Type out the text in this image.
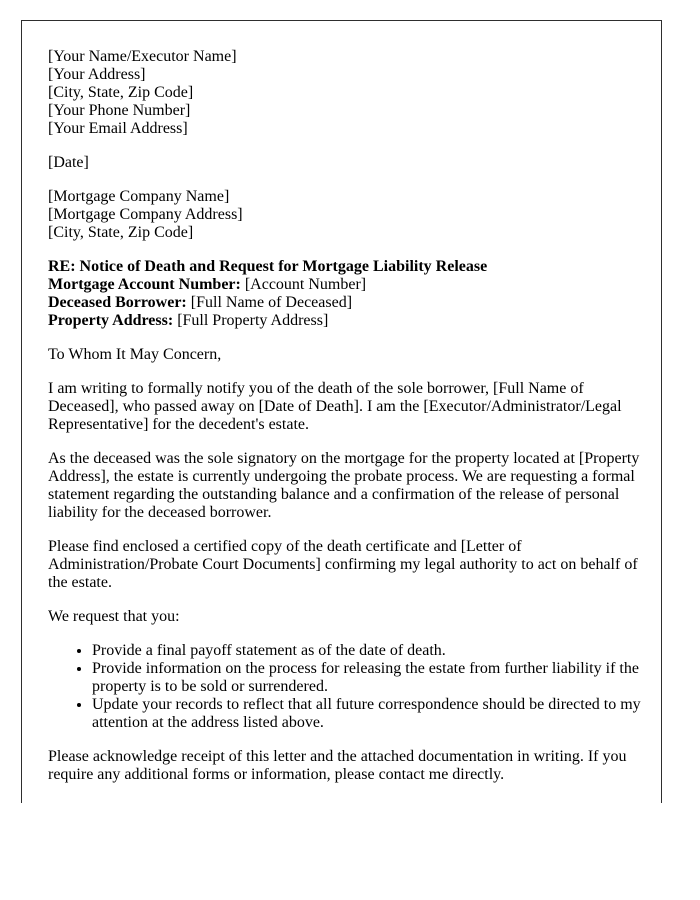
[Your Name/Executor Name]
[Your Address]
[City, State, Zip Code]
[Your Phone Number]
[Your Email Address]

[Date]

[Mortgage Company Name]
[Mortgage Company Address]
[City, State, Zip Code]

RE: Notice of Death and Request for Mortgage Liability Release
Mortgage Account Number: [Account Number]
Deceased Borrower: [Full Name of Deceased]
Property Address: [Full Property Address]

To Whom It May Concern,

I am writing to formally notify you of the death of the sole borrower, [Full Name of Deceased], who passed away on [Date of Death]. I am the [Executor/Administrator/Legal Representative] for the decedent's estate.

As the deceased was the sole signatory on the mortgage for the property located at [Property Address], the estate is currently undergoing the probate process. We are requesting a formal statement regarding the outstanding balance and a confirmation of the release of personal liability for the deceased borrower.

Please find enclosed a certified copy of the death certificate and [Letter of Administration/Probate Court Documents] confirming my legal authority to act on behalf of the estate.

We request that you:

• Provide a final payoff statement as of the date of death.
• Provide information on the process for releasing the estate from further liability if the property is to be sold or surrendered.
• Update your records to reflect that all future correspondence should be directed to my attention at the address listed above.

Please acknowledge receipt of this letter and the attached documentation in writing. If you require any additional forms or information, please contact me directly.
